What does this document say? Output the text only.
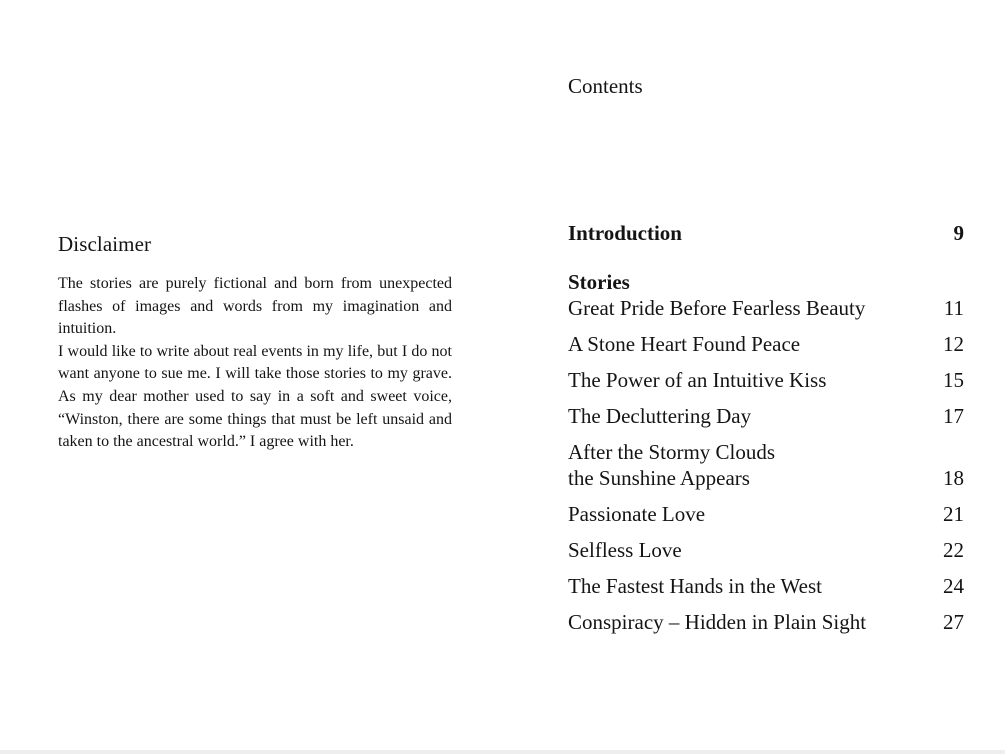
Disclaimer

The stories are purely fictional and born from unexpected flashes of images and words from my imagination and intuition.

I would like to write about real events in my life, but I do not want anyone to sue me. I will take those stories to my grave. As my dear mother used to say in a soft and sweet voice, “Winston, there are some things that must be left unsaid and taken to the ancestral world.” I agree with her.

Contents
Introduction	9
Stories
Great Pride Before Fearless Beauty	11
A Stone Heart Found Peace	12
The Power of an Intuitive Kiss	15
The Decluttering Day	17
After the Stormy Clouds
the Sunshine Appears	18
Passionate Love	21
Selfless Love	22
The Fastest Hands in the West	24
Conspiracy – Hidden in Plain Sight	27
